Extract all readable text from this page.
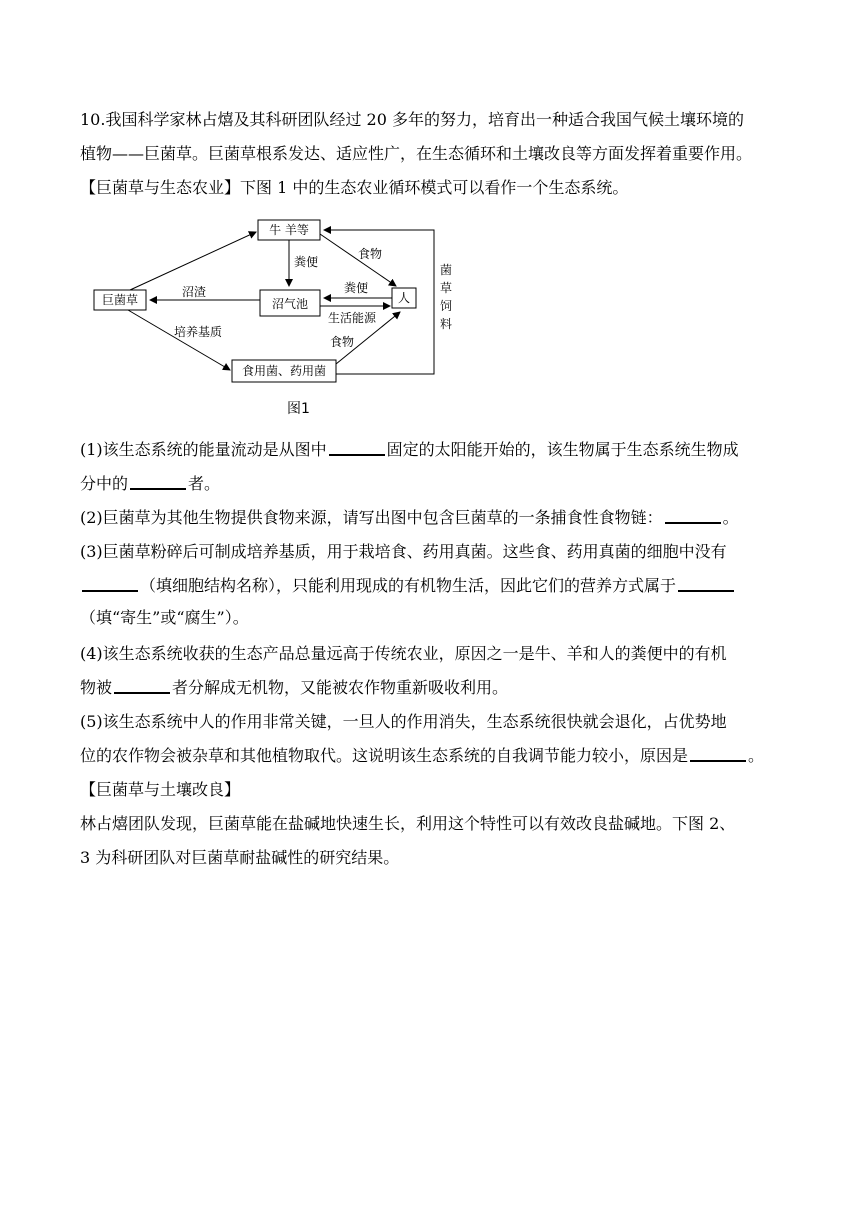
10.我国科学家林占熺及其科研团队经过 20 多年的努力，培育出一种适合我国气候土壤环境的
植物——巨菌草。巨菌草根系发达、适应性广，在生态循环和土壤改良等方面发挥着重要作用。
【巨菌草与生态农业】下图 1 中的生态农业循环模式可以看作一个生态系统。
牛 羊等
巨菌草	沼气池	人
食用菌、药用菌
食物
粪便
粪便
沼渣
生活能源
培养基质
食物
菌
草
饲
料
图1
(1)该生态系统的能量流动是从图中	固定的太阳能开始的，该生物属于生态系统生物成
分中的	者。
(2)巨菌草为其他生物提供食物来源，请写出图中包含巨菌草的一条捕食性食物链：	。
(3)巨菌草粉碎后可制成培养基质，用于栽培食、药用真菌。这些食、药用真菌的细胞中没有
（填细胞结构名称），只能利用现成的有机物生活，因此它们的营养方式属于
（填“寄生”或“腐生”）。
(4)该生态系统收获的生态产品总量远高于传统农业，原因之一是牛、羊和人的粪便中的有机
物被	者分解成无机物，又能被农作物重新吸收利用。
(5)该生态系统中人的作用非常关键，一旦人的作用消失，生态系统很快就会退化，占优势地
位的农作物会被杂草和其他植物取代。这说明该生态系统的自我调节能力较小，原因是	。
【巨菌草与土壤改良】
林占熺团队发现，巨菌草能在盐碱地快速生长，利用这个特性可以有效改良盐碱地。下图 2、
3 为科研团队对巨菌草耐盐碱性的研究结果。
